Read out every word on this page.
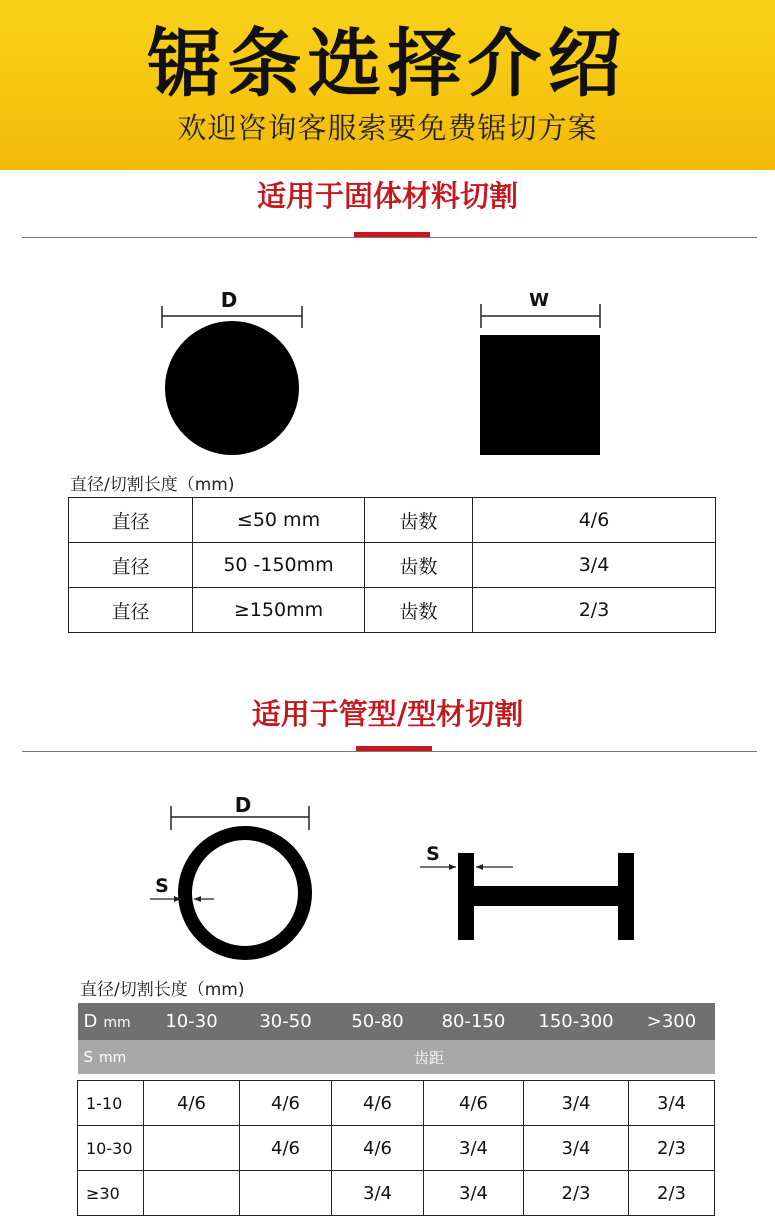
锯条选择介绍
欢迎咨询客服索要免费锯切方案
适用于固体材料切割
D	W
直径/切割长度（mm)
直径	≤50 mm	齿数	4/6
直径	50 -150mm	齿数	3/4
直径	≥150mm	齿数	2/3
适用于管型/型材切割
D
S
S
直径/切割长度（mm)
D mm	10-30	30-50	50-80	80-150	150-300	>300
S mm	齿距					

1-10	4/6	4/6	4/6	4/6	3/4	3/4
10-30		4/6	4/6	3/4	3/4	2/3
≥30			3/4	3/4	2/3	2/3
